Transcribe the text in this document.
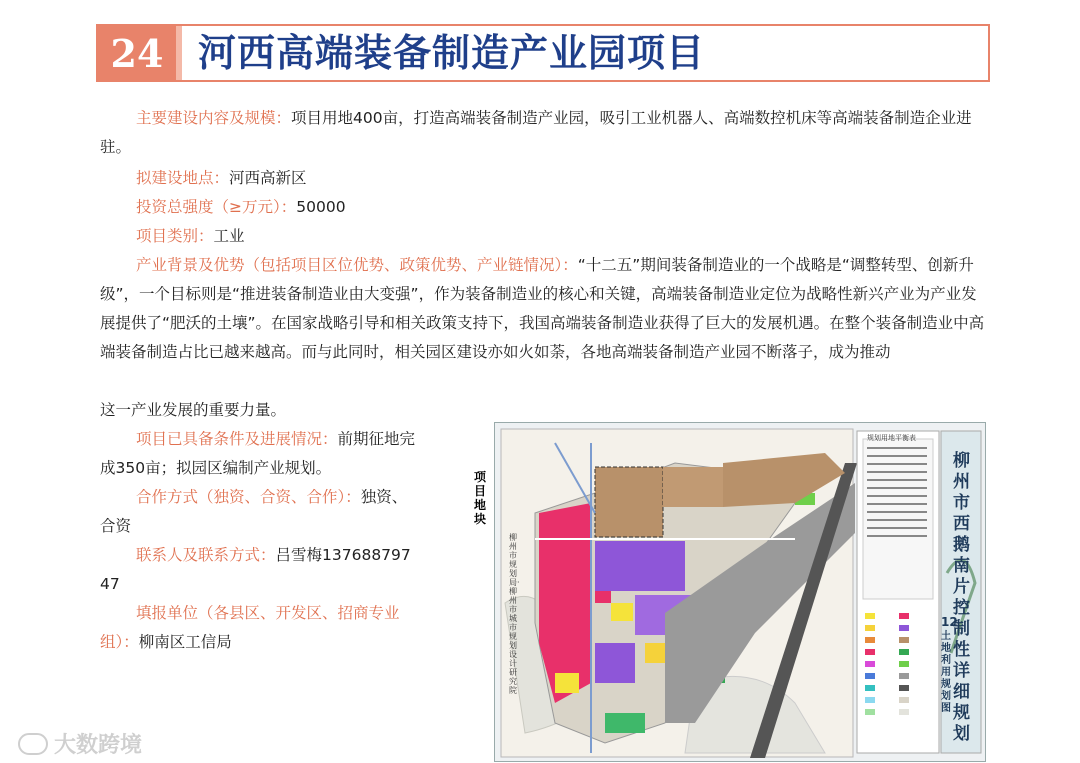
24 河西高端装备制造产业园项目
主要建设内容及规模：项目用地400亩，打造高端装备制造产业园，吸引工业机器人、高端数控机床等高端装备制造企业进驻。
拟建设地点：河西高新区
投资总强度（≥万元）：50000
项目类别：工业
产业背景及优势（包括项目区位优势、政策优势、产业链情况）：“十二五”期间装备制造业的一个战略是“调整转型、创新升级”，一个目标则是“推进装备制造业由大变强”，作为装备制造业的核心和关键，高端装备制造业定位为战略性新兴产业为产业发展提供了“肥沃的土壤”。在国家战略引导和相关政策支持下，我国高端装备制造业获得了巨大的发展机遇。在整个装备制造业中高端装备制造占比已越来越高。而与此同时，相关园区建设亦如火如荼，各地高端装备制造产业园不断落子，成为推动
这一产业发展的重要力量。
项目已具备条件及进展情况：前期征地完成350亩；拟园区编制产业规划。
合作方式（独资、合资、合作）：独资、合资
联系人及联系方式：吕雪梅13768879747
填报单位（各县区、开发区、招商专业组）：柳南区工信局
项目地块
柳州市规划局·柳州市城市规划设计研究院
规划用地平衡表
柳州市西鹅南片控制性详细规划
12
土地利用规划图
大数跨境
